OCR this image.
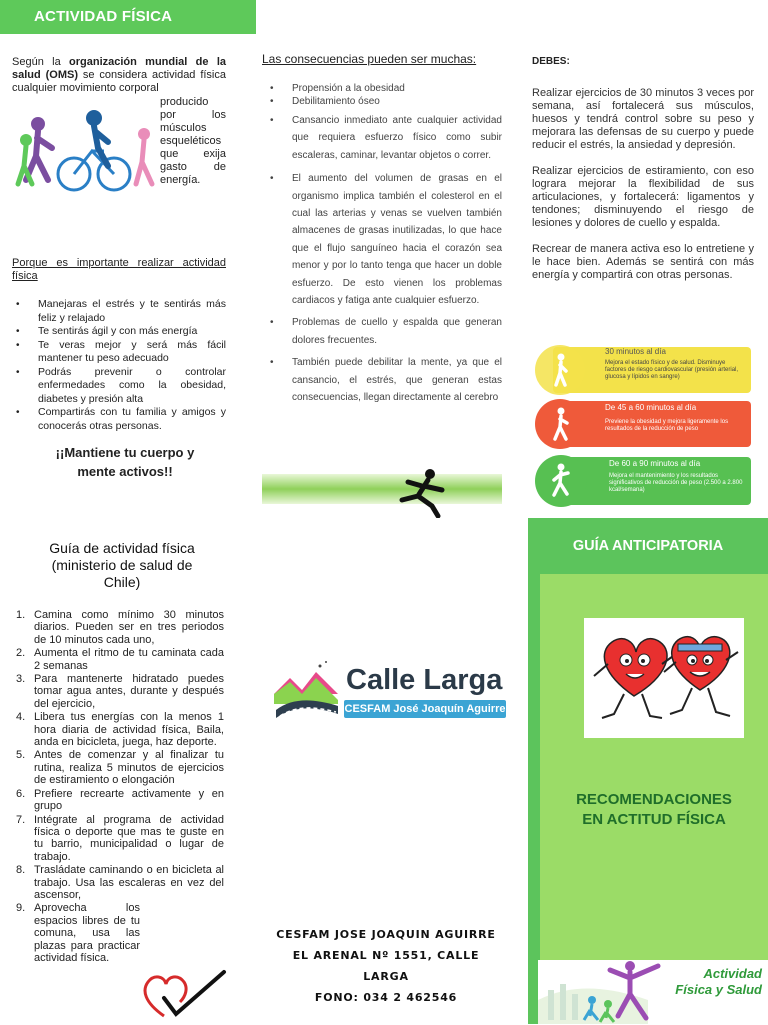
ACTIVIDAD FÍSICA
Según la organización mundial de la salud (OMS) se considera actividad física cualquier movimiento corporal
producido
por los
músculos
esqueléticos
que exija
gasto de
energía.
Porque es importante realizar actividad física
• Manejaras el estrés y te sentirás más feliz y relajado
• Te sentirás ágil y con más energía
• Te veras mejor y será más fácil mantener tu peso adecuado
• Podrás prevenir o controlar enfermedades como la obesidad, diabetes y presión alta
• Compartirás con tu familia y amigos y conocerás otras personas.
¡¡Mantiene tu cuerpo y
mente activos!!
Las consecuencias pueden ser muchas:
• Propensión a la obesidad
• Debilitamiento óseo
• Cansancio inmediato ante cualquier actividad que requiera esfuerzo físico como subir escaleras, caminar, levantar objetos o correr.
• El aumento del volumen de grasas en el organismo implica también el colesterol en el cual las arterias y venas se vuelven también almacenes de grasas inutilizadas, lo que hace que el flujo sanguíneo hacia el corazón sea menor y por lo tanto tenga que hacer un doble esfuerzo. De esto vienen los problemas cardiacos y fatiga ante cualquier esfuerzo.
• Problemas de cuello y espalda que generan dolores frecuentes.
• También puede debilitar la mente, ya que el cansancio, el estrés, que generan estas consecuencias, llegan directamente al cerebro
DEBES:
Realizar ejercicios de 30 minutos 3 veces por semana, así fortalecerá sus músculos, huesos y tendrá control sobre su peso y mejorara las defensas de su cuerpo y puede reducir el estrés, la ansiedad y depresión.
Realizar ejercicios de estiramiento, con eso lograra mejorar la flexibilidad de sus articulaciones, y fortalecerá: ligamentos y tendones; disminuyendo el riesgo de lesiones y dolores de cuello y espalda.
Recrear de manera activa eso lo entretiene y le hace bien. Además se sentirá con más energía y compartirá con otras personas.
30 minutos al día
Mejora el estado físico y de salud. Disminuye factores de riesgo cardiovascular (presión arterial, glucosa y lípidos en sangre)
De 45 a 60 minutos al día
Previene la obesidad y mejora ligeramente los resultados de la reducción de peso
De 60 a 90 minutos al día
Mejora el mantenimiento y los resultados significativos de reducción de peso (2.500 a 2.800 kcal/semana)
Guía de actividad física
(ministerio de salud de
Chile)
1. Camina como mínimo 30 minutos diarios. Pueden ser en tres periodos de 10 minutos cada uno,
2. Aumenta el ritmo de tu caminata cada 2 semanas
3. Para mantenerte hidratado puedes tomar agua antes, durante y después del ejercicio,
4. Libera tus energías con la menos 1 hora diaria de actividad física, Baila, anda en bicicleta, juega, haz deporte.
5. Antes de comenzar y al finalizar tu rutina, realiza 5 minutos de ejercicios de estiramiento o elongación
6. Prefiere recrearte activamente y en grupo
7. Intégrate al programa de actividad física o deporte que mas te guste en tu barrio, municipalidad o lugar de trabajo.
8. Trasládate caminando o en bicicleta al trabajo. Usa las escaleras en vez del ascensor,
9. Aprovecha los espacios libres de tu comuna, usa las plazas para practicar actividad física.
Calle Larga
CESFAM José Joaquín Aguirre
CESFAM JOSE JOAQUIN AGUIRRE
EL ARENAL Nº 1551, CALLE
LARGA
FONO: 034 2 462546
GUÍA ANTICIPATORIA
RECOMENDACIONES
EN ACTITUD FÍSICA
Actividad
Física y Salud
